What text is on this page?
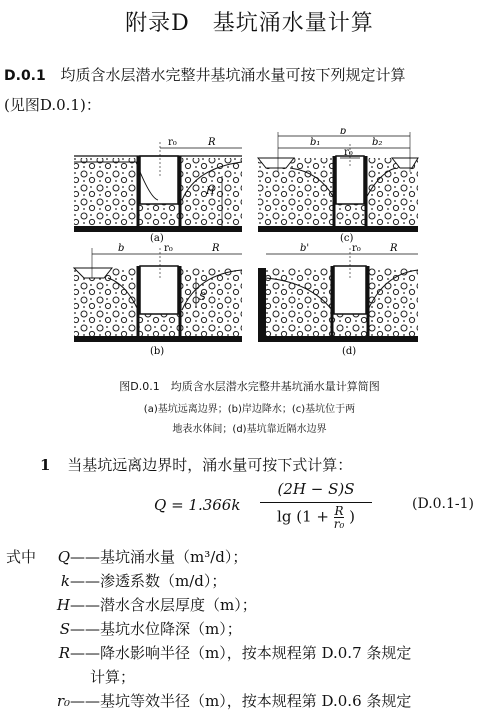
附录D　基坑涌水量计算
D.0.1 均质含水层潜水完整井基坑涌水量可按下列规定计算
(见图D.0.1)：
r₀	R
H
(a)
b
b₁	b₂
r₀
(c)
b	r₀	R
S
(b)
b'	r₀	R
(d)
图D.0.1　均质含水层潜水完整井基坑涌水量计算简图
(a)基坑远离边界；(b)岸边降水；(c)基坑位于两
地表水体间；(d)基坑靠近隔水边界
1 当基坑远离边界时，涌水量可按下式计算：
Q = 1.366k
(2H − S)S
$\lg (1 + \frac{R}{\text{r₀}}$ )
(D.0.1-1)
式中 Q——基坑涌水量（m³/d）；
k——渗透系数（m/d）；
H——潜水含水层厚度（m）；
S——基坑水位降深（m）；
R——降水影响半径（m），按本规程第 D.0.7 条规定
计算；
r₀——基坑等效半径（m），按本规程第 D.0.6 条规定
